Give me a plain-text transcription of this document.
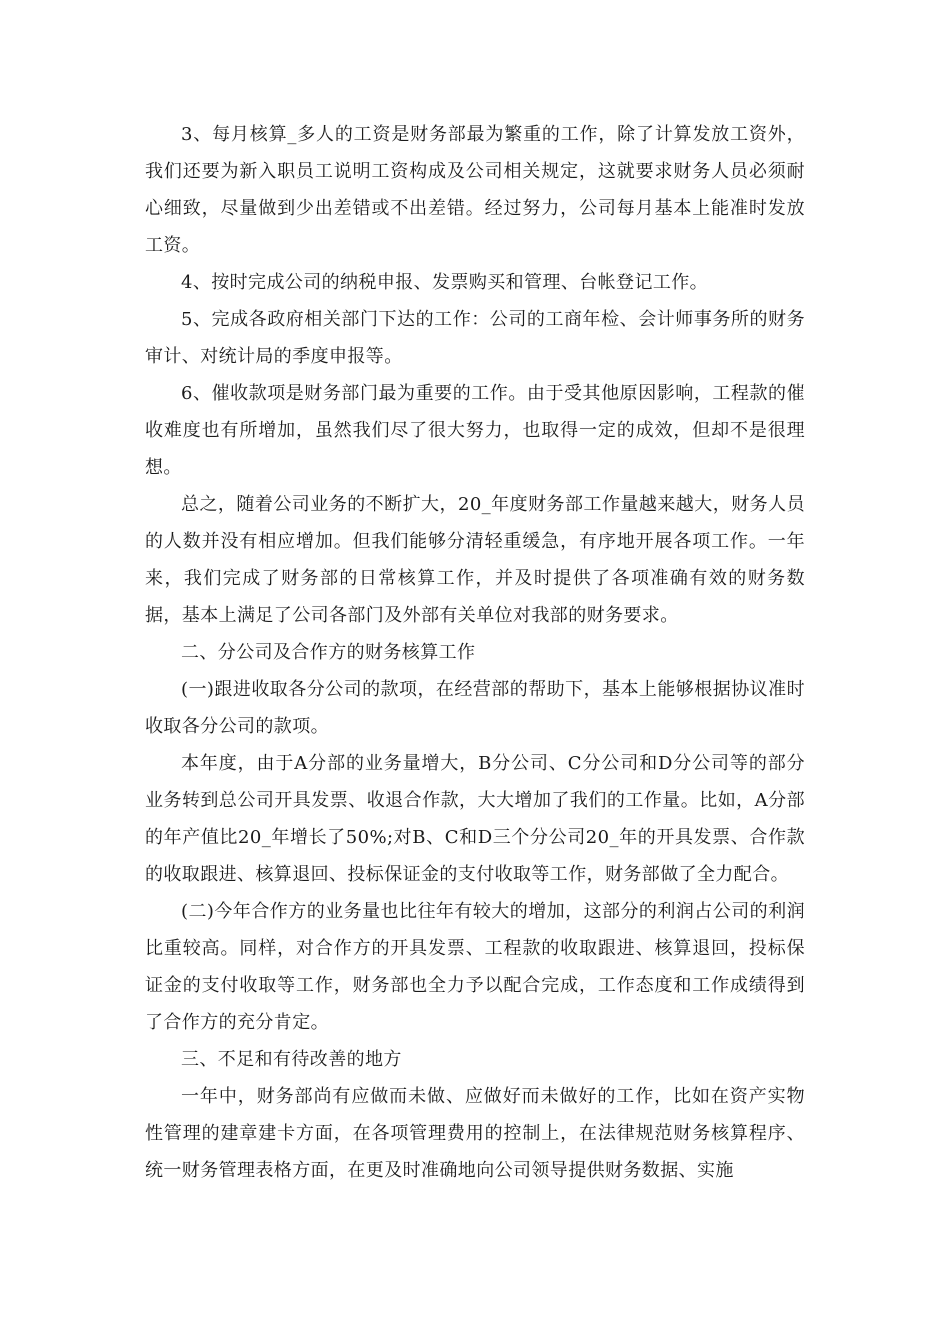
3、每月核算_多人的工资是财务部最为繁重的工作，除了计算发放工资外，我们还要为新入职员工说明工资构成及公司相关规定，这就要求财务人员必须耐心细致，尽量做到少出差错或不出差错。经过努力，公司每月基本上能准时发放工资。

4、按时完成公司的纳税申报、发票购买和管理、台帐登记工作。

5、完成各政府相关部门下达的工作：公司的工商年检、会计师事务所的财务审计、对统计局的季度申报等。

6、催收款项是财务部门最为重要的工作。由于受其他原因影响，工程款的催收难度也有所增加，虽然我们尽了很大努力，也取得一定的成效，但却不是很理想。

总之，随着公司业务的不断扩大，20_年度财务部工作量越来越大，财务人员的人数并没有相应增加。但我们能够分清轻重缓急，有序地开展各项工作。一年来，我们完成了财务部的日常核算工作，并及时提供了各项准确有效的财务数据，基本上满足了公司各部门及外部有关单位对我部的财务要求。

二、分公司及合作方的财务核算工作

(一)跟进收取各分公司的款项，在经营部的帮助下，基本上能够根据协议准时收取各分公司的款项。

本年度，由于A分部的业务量增大，B分公司、C分公司和D分公司等的部分业务转到总公司开具发票、收退合作款，大大增加了我们的工作量。比如，A分部的年产值比20_年增长了50%;对B、C和D三个分公司20_年的开具发票、合作款的收取跟进、核算退回、投标保证金的支付收取等工作，财务部做了全力配合。

(二)今年合作方的业务量也比往年有较大的增加，这部分的利润占公司的利润比重较高。同样，对合作方的开具发票、工程款的收取跟进、核算退回，投标保证金的支付收取等工作，财务部也全力予以配合完成，工作态度和工作成绩得到了合作方的充分肯定。

三、不足和有待改善的地方

一年中，财务部尚有应做而未做、应做好而未做好的工作，比如在资产实物性管理的建章建卡方面，在各项管理费用的控制上，在法律规范财务核算程序、统一财务管理表格方面，在更及时准确地向公司领导提供财务数据、实施
